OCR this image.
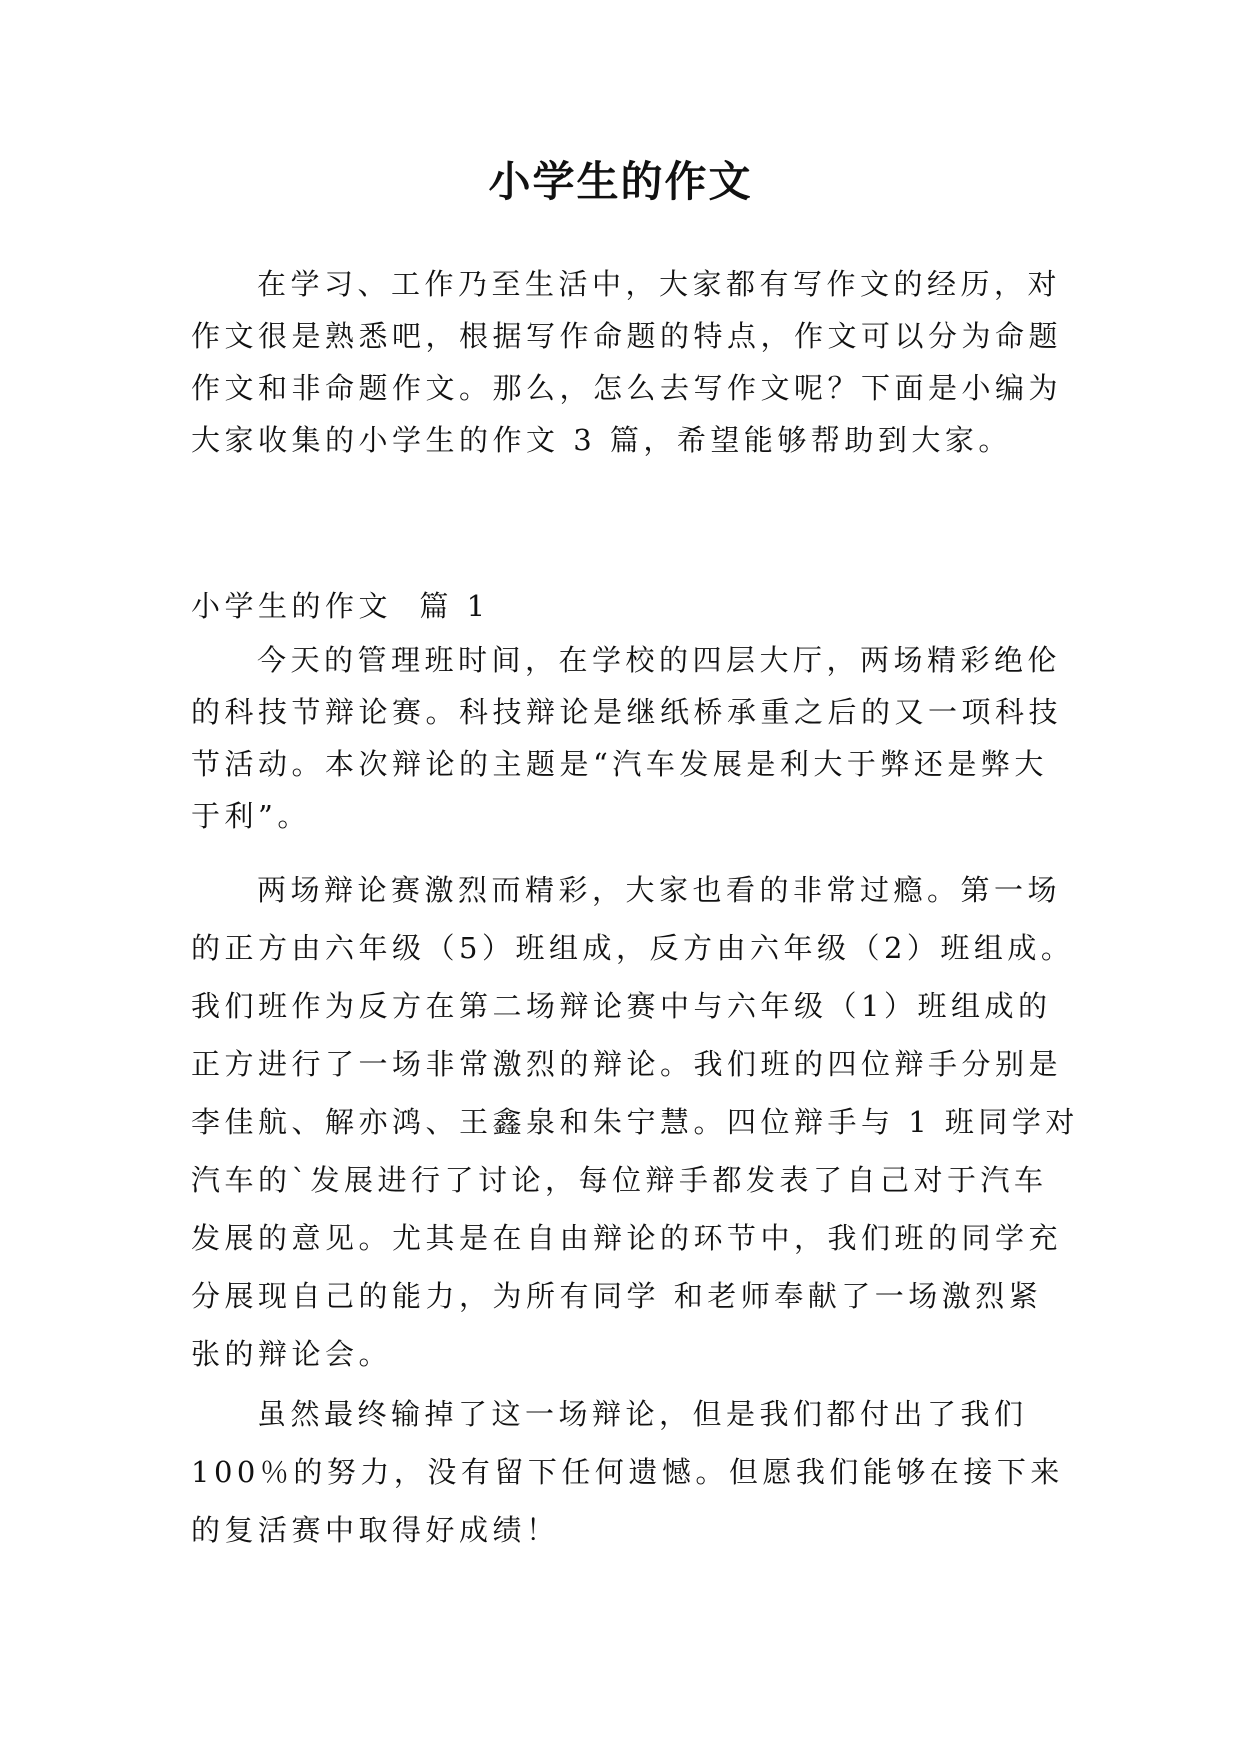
小学生的作文
在学习、工作乃至生活中，大家都有写作文的经历，对
作文很是熟悉吧，根据写作命题的特点，作文可以分为命题
作文和非命题作文。那么，怎么去写作文呢？下面是小编为
大家收集的小学生的作文 3 篇，希望能够帮助到大家。
小学生的作文  篇 1
今天的管理班时间，在学校的四层大厅，两场精彩绝伦
的科技节辩论赛。科技辩论是继纸桥承重之后的又一项科技
节活动。本次辩论的主题是“汽车发展是利大于弊还是弊大
于利”。
两场辩论赛激烈而精彩，大家也看的非常过瘾。第一场
的正方由六年级（5）班组成，反方由六年级（2）班组成。
我们班作为反方在第二场辩论赛中与六年级（1）班组成的
正方进行了一场非常激烈的辩论。我们班的四位辩手分别是
李佳航、解亦鸿、王鑫泉和朱宁慧。四位辩手与 1 班同学对
汽车的`发展进行了讨论，每位辩手都发表了自己对于汽车
发展的意见。尤其是在自由辩论的环节中，我们班的同学充
分展现自己的能力，为所有同学 和老师奉献了一场激烈紧
张的辩论会。
虽然最终输掉了这一场辩论，但是我们都付出了我们
100％的努力，没有留下任何遗憾。但愿我们能够在接下来
的复活赛中取得好成绩！
